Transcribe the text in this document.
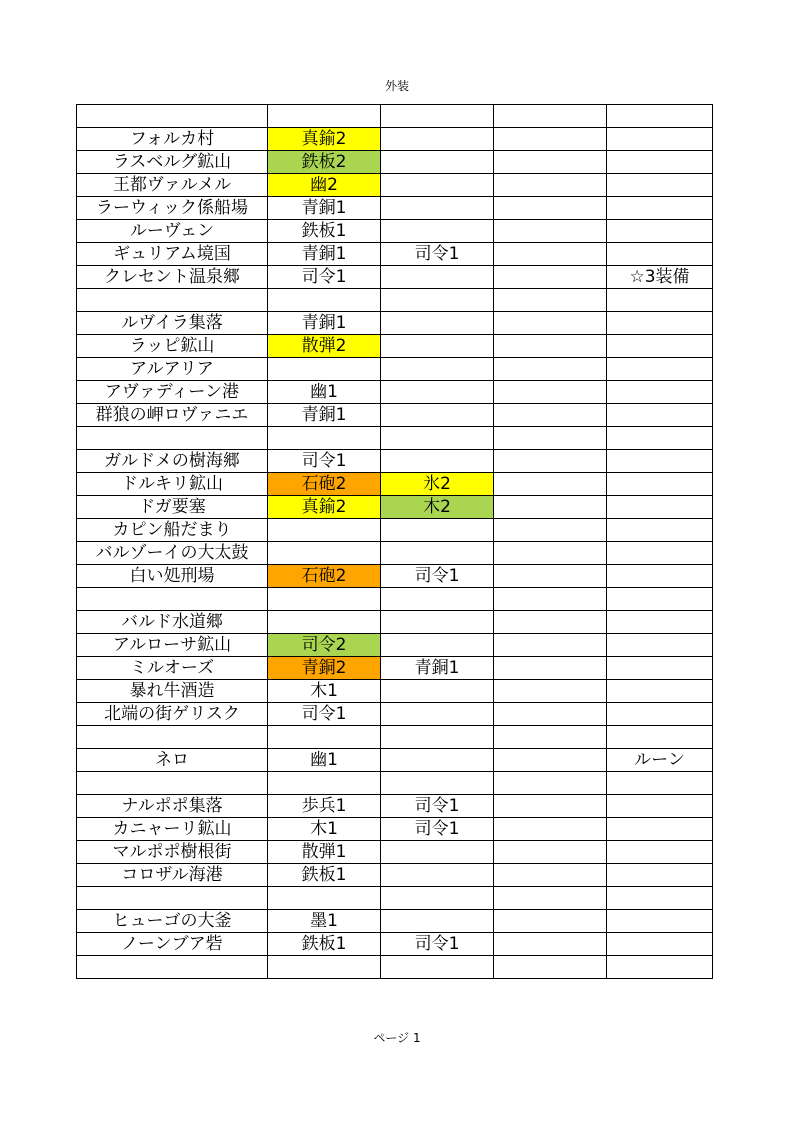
外装

フォルカ村	真鍮2			
ラスベルグ鉱山	鉄板2			
王都ヴァルメル	幽2			
ラーウィック係船場	青銅1			
ルーヴェン	鉄板1			
ギュリアム境国	青銅1	司令1		
クレセント温泉郷	司令1			☆3装備

ルヴイラ集落	青銅1			
ラッピ鉱山	散弾2			
アルアリア				
アヴァディーン港	幽1			
群狼の岬ロヴァニエ	青銅1			

ガルドメの樹海郷	司令1			
ドルキリ鉱山	石砲2	氷2		
ドガ要塞	真鍮2	木2		
カピン船だまり				
バルゾーイの大太鼓				
白い処刑場	石砲2	司令1		

バルド水道郷				
アルローサ鉱山	司令2			
ミルオーズ	青銅2	青銅1		
暴れ牛酒造	木1			
北端の街ゲリスク	司令1			

ネロ	幽1			ルーン

ナルポポ集落	歩兵1	司令1		
カニャーリ鉱山	木1	司令1		
マルポポ樹根街	散弾1			
コロザル海港	鉄板1			

ヒューゴの大釜	墨1			
ノーンブア砦	鉄板1	司令1		

ページ 1
